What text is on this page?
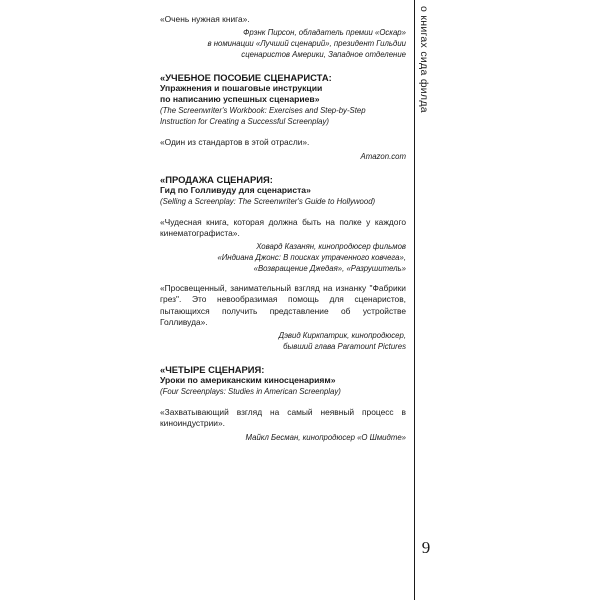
«Очень нужная книга».

Фрэнк Пирсон, обладатель премии «Оскар»
в номинации «Лучший сценарий», президент Гильдии
сценаристов Америки, Западное отделение

«УЧЕБНОЕ ПОСОБИЕ СЦЕНАРИСТА:

Упражнения и пошаговые инструкции
по написанию успешных сценариев»

(The Screenwriter's Workbook: Exercises and Step-by-Step
Instruction for Creating a Successful Screenplay)

«Один из стандартов в этой отрасли».

Amazon.com

«ПРОДАЖА СЦЕНАРИЯ:

Гид по Голливуду для сценариста»

(Selling a Screenplay: The Screenwriter's Guide to Hollywood)

«Чудесная книга, которая должна быть на полке у каждого кинематографиста».

Ховард Казанян, кинопродюсер фильмов
«Индиана Джонс: В поисках утраченного ковчега»,
«Возвращение Джедая», «Разрушитель»

«Просвещенный, занимательный взгляд на изнанку "Фабрики грез". Это невообразимая помощь для сценаристов, пытающихся получить представление об устройстве Голливуда».

Дэвид Киркпатрик, кинопродюсер,
бывший глава Paramount Pictures

«ЧЕТЫРЕ СЦЕНАРИЯ:

Уроки по американским киносценариям»

(Four Screenplays: Studies in American Screenplay)

«Захватывающий взгляд на самый неявный процесс в киноиндустрии».

Майкл Бесман, кинопродюсер «О Шмидте»

о книгах сида филда
9
